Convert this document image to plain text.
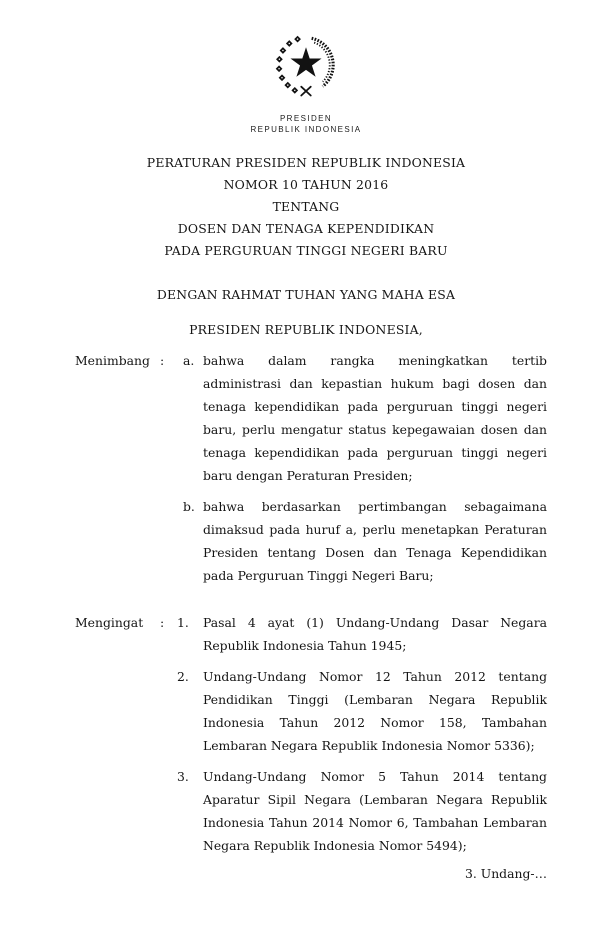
PRESIDEN
REPUBLIK INDONESIA
PERATURAN PRESIDEN REPUBLIK INDONESIA
NOMOR 10 TAHUN 2016
TENTANG
DOSEN DAN TENAGA KEPENDIDIKAN
PADA PERGURUAN TINGGI NEGERI BARU
DENGAN RAHMAT TUHAN YANG MAHA ESA
PRESIDEN REPUBLIK INDONESIA,
Menimbang :	a. bahwa dalam rangka meningkatkan tertib administrasi dan kepastian hukum bagi dosen dan tenaga kependidikan pada perguruan tinggi negeri baru, perlu mengatur status kepegawaian dosen dan tenaga kependidikan pada perguruan tinggi negeri baru dengan Peraturan Presiden;
b. bahwa berdasarkan pertimbangan sebagaimana dimaksud pada huruf a, perlu menetapkan Peraturan Presiden tentang Dosen dan Tenaga Kependidikan pada Perguruan Tinggi Negeri Baru;
Mengingat	:	1.	Pasal 4 ayat (1) Undang-Undang Dasar Negara Republik Indonesia Tahun 1945;
2.	Undang-Undang Nomor 12 Tahun 2012 tentang Pendidikan Tinggi (Lembaran Negara Republik Indonesia Tahun 2012 Nomor 158, Tambahan Lembaran Negara Republik Indonesia Nomor 5336);
3.	Undang-Undang Nomor 5 Tahun 2014 tentang Aparatur Sipil Negara (Lembaran Negara Republik Indonesia Tahun 2014 Nomor 6, Tambahan Lembaran Negara Republik Indonesia Nomor 5494);
3. Undang-…
